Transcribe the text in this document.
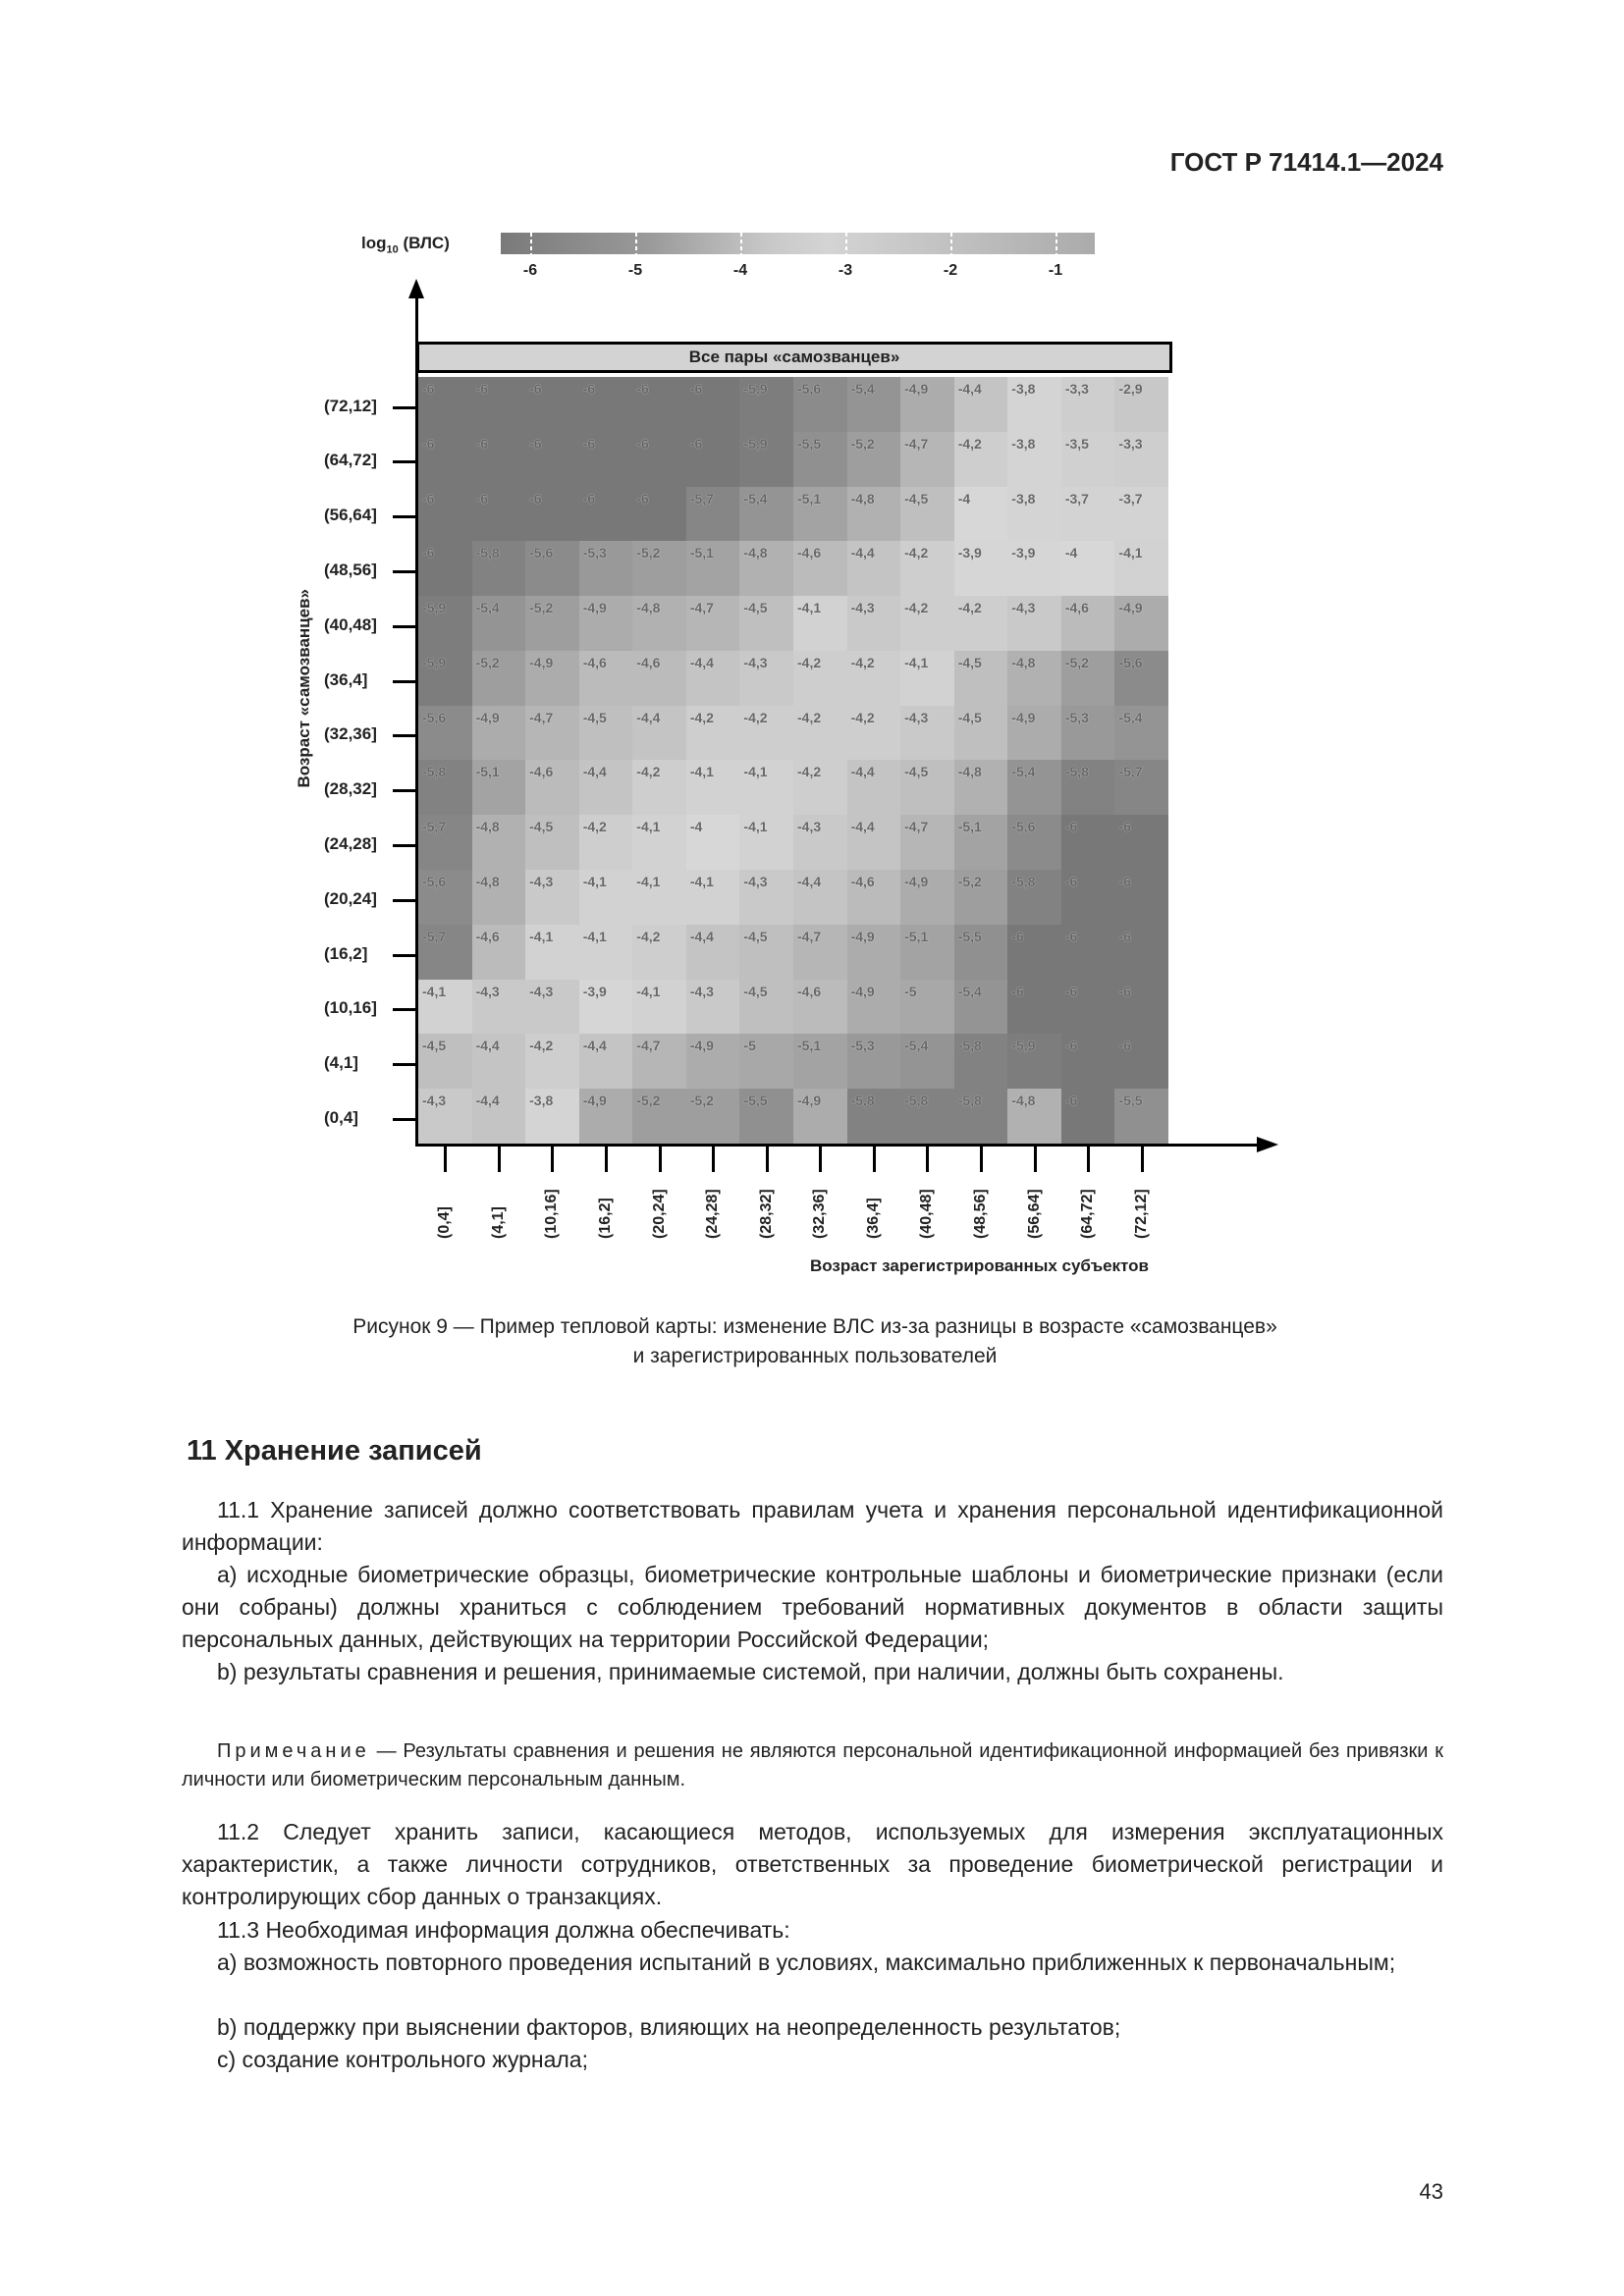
ГОСТ Р 71414.1—2024
$\log_{10} (ВЛС)$
-6	-5	-4	-3	-2	-1
Все пары «самозванцев»
-6	-6	-6	-6	-6	-6	-5,9	-5,6	-5,4	-4,9	-4,4	-3,8	-3,3	-2,9
-6	-6	-6	-6	-6	-6	-5,9	-5,5	-5,2	-4,7	-4,2	-3,8	-3,5	-3,3
-6	-6	-6	-6	-6	-5,7	-5,4	-5,1	-4,8	-4,5	-4	-3,8	-3,7	-3,7
-6	-5,8	-5,6	-5,3	-5,2	-5,1	-4,8	-4,6	-4,4	-4,2	-3,9	-3,9	-4	-4,1
-5,9	-5,4	-5,2	-4,9	-4,8	-4,7	-4,5	-4,1	-4,3	-4,2	-4,2	-4,3	-4,6	-4,9
-5,9	-5,2	-4,9	-4,6	-4,6	-4,4	-4,3	-4,2	-4,2	-4,1	-4,5	-4,8	-5,2	-5,6
-5,6	-4,9	-4,7	-4,5	-4,4	-4,2	-4,2	-4,2	-4,2	-4,3	-4,5	-4,9	-5,3	-5,4
-5,8	-5,1	-4,6	-4,4	-4,2	-4,1	-4,1	-4,2	-4,4	-4,5	-4,8	-5,4	-5,8	-5,7
-5,7	-4,8	-4,5	-4,2	-4,1	-4	-4,1	-4,3	-4,4	-4,7	-5,1	-5,6	-6	-6
-5,6	-4,8	-4,3	-4,1	-4,1	-4,1	-4,3	-4,4	-4,6	-4,9	-5,2	-5,8	-6	-6
-5,7	-4,6	-4,1	-4,1	-4,2	-4,4	-4,5	-4,7	-4,9	-5,1	-5,5	-6	-6	-6
-4,1	-4,3	-4,3	-3,9	-4,1	-4,3	-4,5	-4,6	-4,9	-5	-5,4	-6	-6	-6
-4,5	-4,4	-4,2	-4,4	-4,7	-4,9	-5	-5,1	-5,3	-5,4	-5,8	-5,9	-6	-6
-4,3	-4,4	-3,8	-4,9	-5,2	-5,2	-5,5	-4,9	-5,8	-5,8	-5,8	-4,8	-6	-5,5
Возраст «самозванцев»
(72,12]
(64,72]
(56,64]
(48,56]
(40,48]
(36,4]
(32,36]
(28,32]
(24,28]
(20,24]
(16,2]
(10,16]
(4,1]
(0,4]
(0,4] (4,1] (10,16] (16,2] (20,24] (24,28] (28,32] (32,36] (36,4] (40,48] (48,56] (56,64] (64,72] (72,12]
Возраст зарегистрированных субъектов
Рисунок 9 — Пример тепловой карты: изменение ВЛС из-за разницы в возрасте «самозванцев»
и зарегистрированных пользователей
11 Хранение записей
11.1 Хранение записей должно соответствовать правилам учета и хранения персональной идентификационной информации:
а) исходные биометрические образцы, биометрические контрольные шаблоны и биометрические признаки (если они собраны) должны храниться с соблюдением требований нормативных документов в области защиты персональных данных, действующих на территории Российской Федерации;
b) результаты сравнения и решения, принимаемые системой, при наличии, должны быть сохранены.
Примечание — Результаты сравнения и решения не являются персональной идентификационной информацией без привязки к личности или биометрическим персональным данным.
11.2 Следует хранить записи, касающиеся методов, используемых для измерения эксплуатационных характеристик, а также личности сотрудников, ответственных за проведение биометрической регистрации и контролирующих сбор данных о транзакциях.
11.3 Необходимая информация должна обеспечивать:
а) возможность повторного проведения испытаний в условиях, максимально приближенных к первоначальным;
b) поддержку при выяснении факторов, влияющих на неопределенность результатов;
c) создание контрольного журнала;
43
